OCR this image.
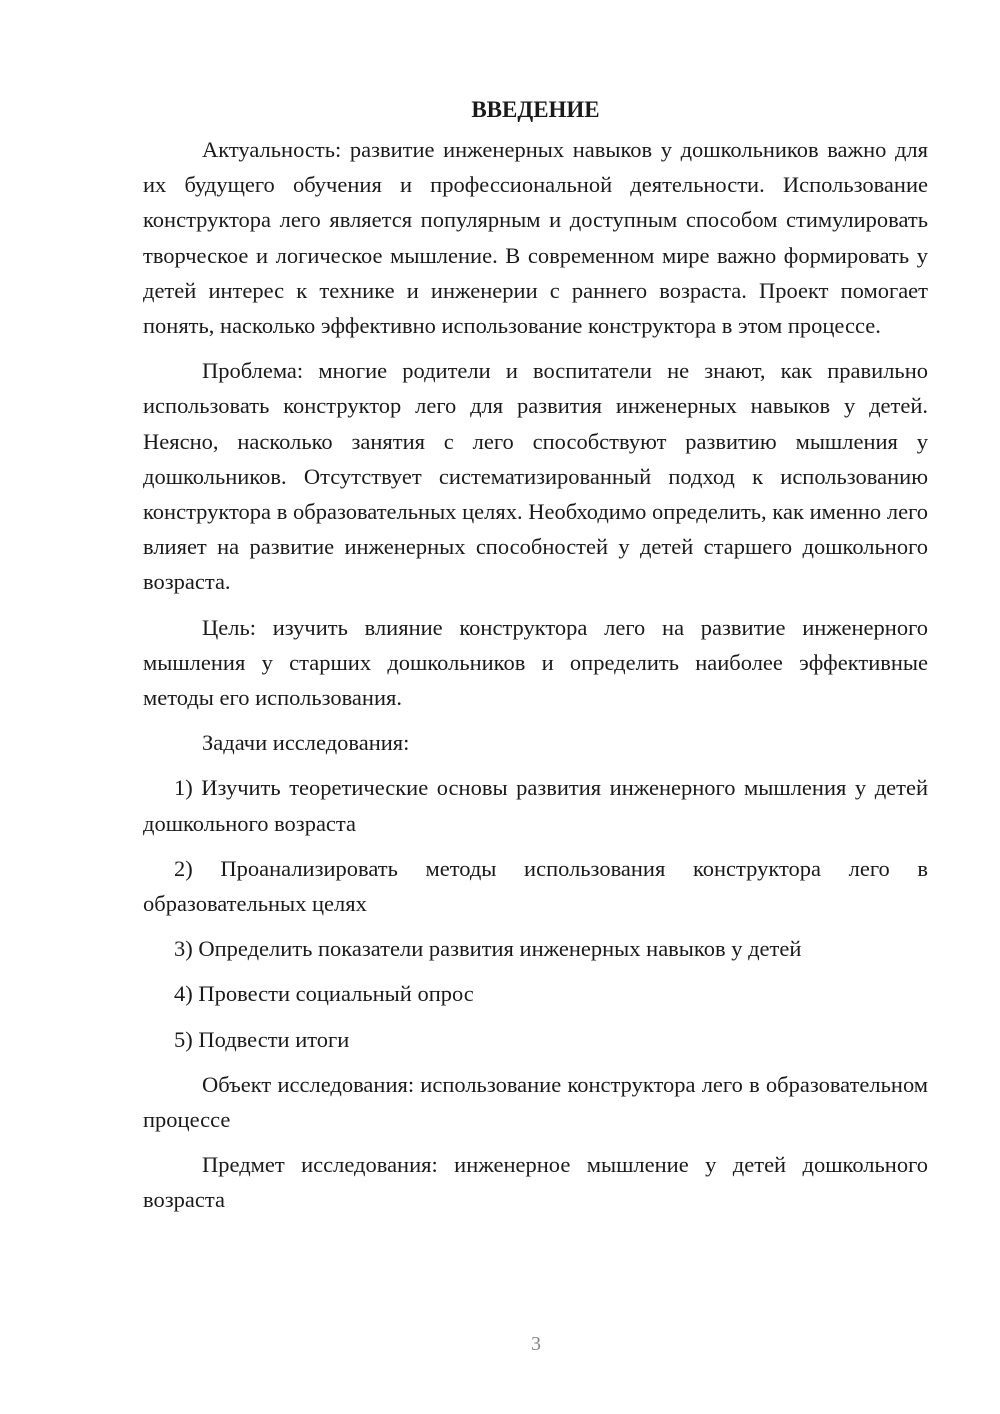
ВВЕДЕНИЕ

Актуальность: развитие инженерных навыков у дошкольников важно для их будущего обучения и профессиональной деятельности. Использование конструктора лего является популярным и доступным способом стимулировать творческое и логическое мышление. В современном мире важно формировать у детей интерес к технике и инженерии с раннего возраста. Проект помогает понять, насколько эффективно использование конструктора в этом процессе.

Проблема: многие родители и воспитатели не знают, как правильно использовать конструктор лего для развития инженерных навыков у детей. Неясно, насколько занятия с лего способствуют развитию мышления у дошкольников. Отсутствует систематизированный подход к использованию конструктора в образовательных целях. Необходимо определить, как именно лего влияет на развитие инженерных способностей у детей старшего дошкольного возраста.

Цель: изучить влияние конструктора лего на развитие инженерного мышления у старших дошкольников и определить наиболее эффективные методы его использования.

Задачи исследования:

1) Изучить теоретические основы развития инженерного мышления у детей дошкольного возраста

2) Проанализировать методы использования конструктора лего в образовательных целях

3) Определить показатели развития инженерных навыков у детей

4) Провести социальный опрос

5) Подвести итоги

Объект исследования: использование конструктора лего в образовательном процессе

Предмет исследования: инженерное мышление у детей дошкольного возраста

3
